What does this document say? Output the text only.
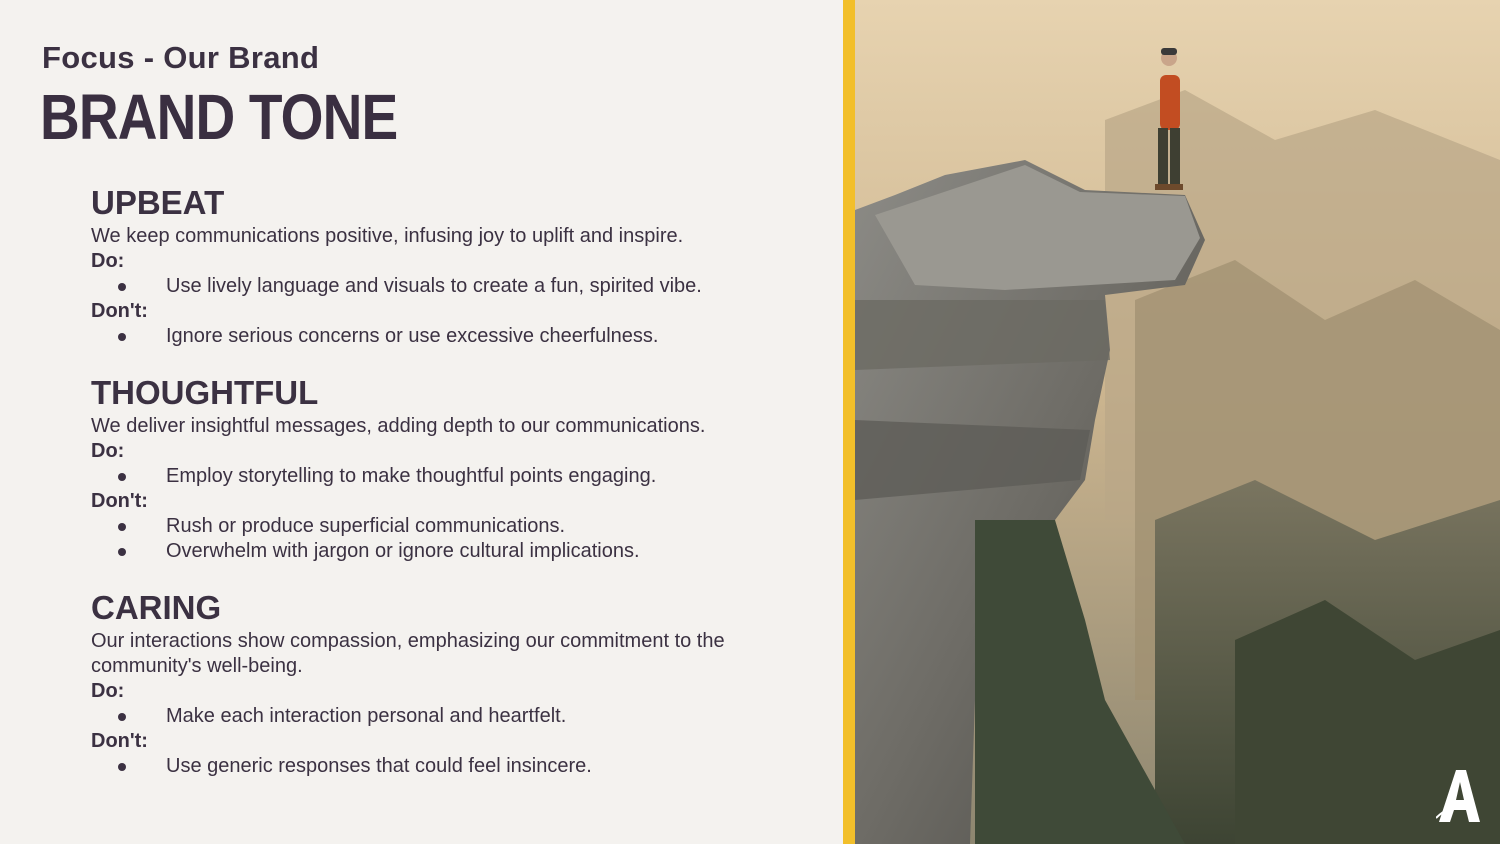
Focus - Our Brand
BRAND TONE
UPBEAT
We keep communications positive, infusing joy to uplift and inspire.
Do:
Use lively language and visuals to create a fun, spirited vibe.
Don't:
Ignore serious concerns or use excessive cheerfulness.
THOUGHTFUL
We deliver insightful messages, adding depth to our communications.
Do:
Employ storytelling to make thoughtful points engaging.
Don't:
Rush or produce superficial communications.
Overwhelm with jargon or ignore cultural implications.
CARING
Our interactions show compassion, emphasizing our commitment to the community's well-being.
Do:
Make each interaction personal and heartfelt.
Don't:
Use generic responses that could feel insincere.
